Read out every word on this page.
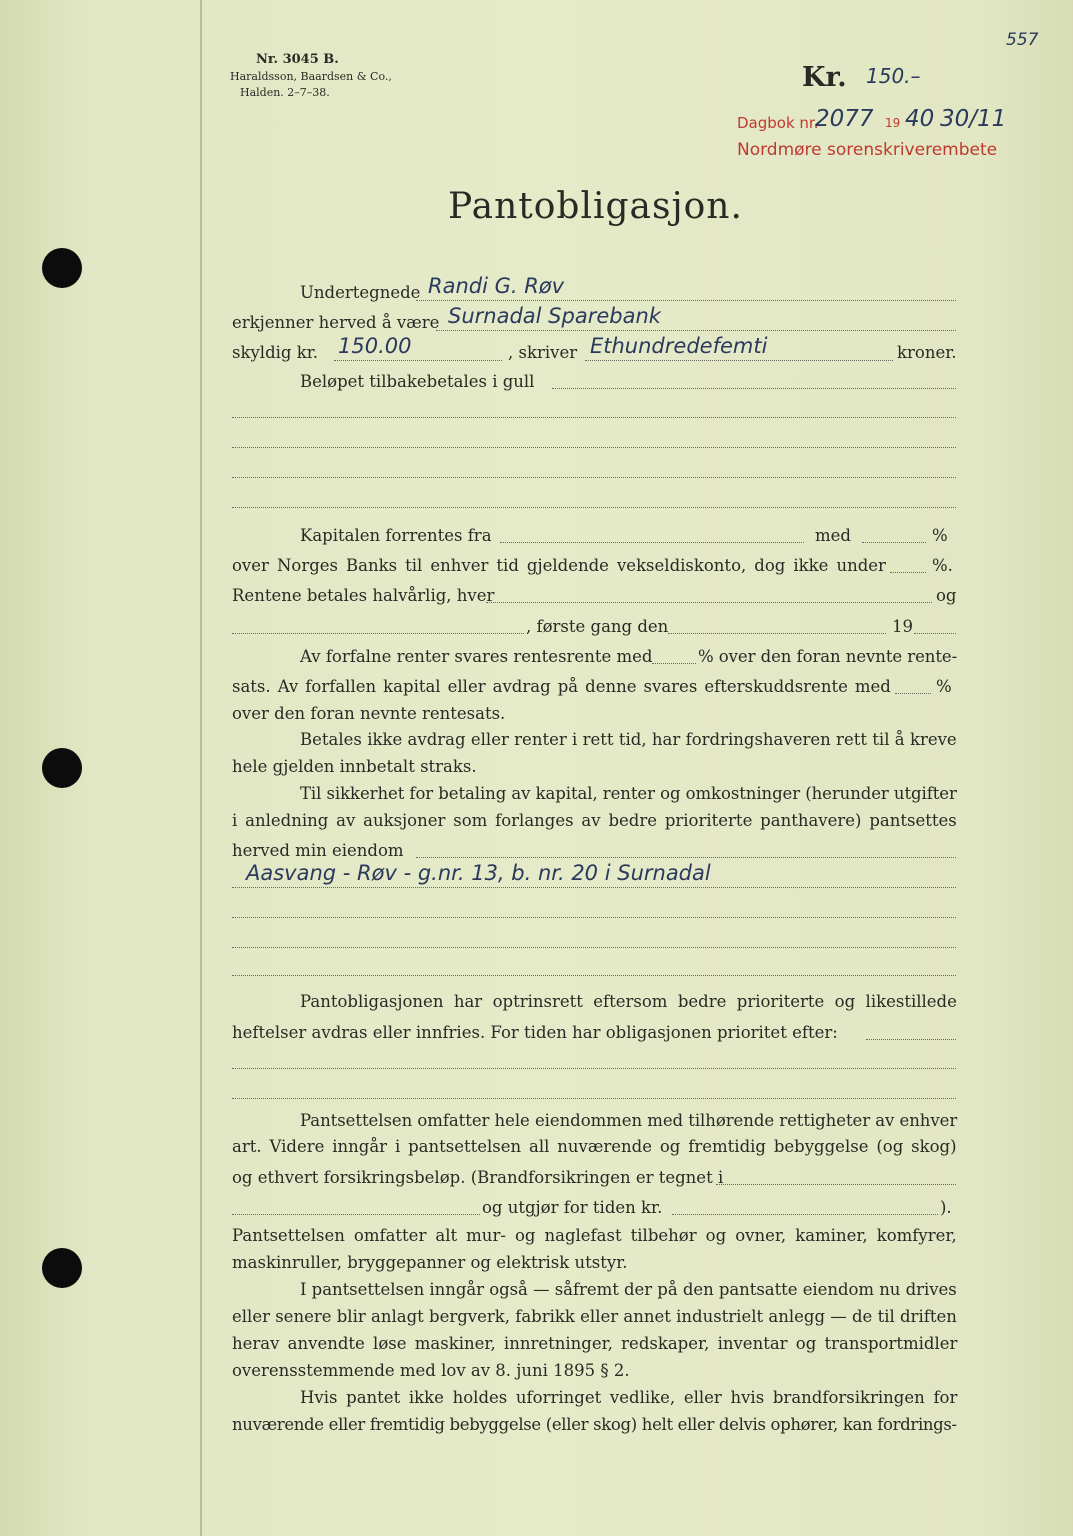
557
Nr. 3045 B.
Haraldsson, Baardsen & Co.,
Halden. 2–7–38.	Kr. 150.–
Dagbok nr.
2077 19 40 30/11
Nordmøre sorenskriverembete
Pantobligasjon.
Undertegnede Randi G. Røv
erkjenner herved å være Surnadal Sparebank
skyldig kr. 150.00	, skriver Ethundredefemti	kroner.
Beløpet tilbakebetales i gull
Kapitalen forrentes fra	med	%
over Norges Banks til enhver tid gjeldende vekseldiskonto, dog ikke under	%.
Rentene betales halvårlig, hver	og
, første gang den	19
Av forfalne renter svares rentesrente med	% over den foran nevnte rente-
sats. Av forfallen kapital eller avdrag på denne svares efterskuddsrente med	%
over den foran nevnte rentesats.
Betales ikke avdrag eller renter i rett tid, har fordringshaveren rett til å kreve
hele gjelden innbetalt straks.
Til sikkerhet for betaling av kapital, renter og omkostninger (herunder utgifter
i anledning av auksjoner som forlanges av bedre prioriterte panthavere) pantsettes
herved min eiendom
Aasvang - Røv - g.nr. 13, b. nr. 20 i Surnadal
Pantobligasjonen har optrinsrett eftersom bedre prioriterte og likestillede
heftelser avdras eller innfries. For tiden har obligasjonen prioritet efter:
Pantsettelsen omfatter hele eiendommen med tilhørende rettigheter av enhver
art. Videre inngår i pantsettelsen all nuværende og fremtidig bebyggelse (og skog)
og ethvert forsikringsbeløp. (Brandforsikringen er tegnet i
og utgjør for tiden kr.	).
Pantsettelsen omfatter alt mur- og naglefast tilbehør og ovner, kaminer, komfyrer,
maskinruller, bryggepanner og elektrisk utstyr.
I pantsettelsen inngår også — såfremt der på den pantsatte eiendom nu drives
eller senere blir anlagt bergverk, fabrikk eller annet industrielt anlegg — de til driften
herav anvendte løse maskiner, innretninger, redskaper, inventar og transportmidler
overensstemmende med lov av 8. juni 1895 § 2.
Hvis pantet ikke holdes uforringet vedlike, eller hvis brandforsikringen for
nuværende eller fremtidig bebyggelse (eller skog) helt eller delvis ophører, kan fordrings-
